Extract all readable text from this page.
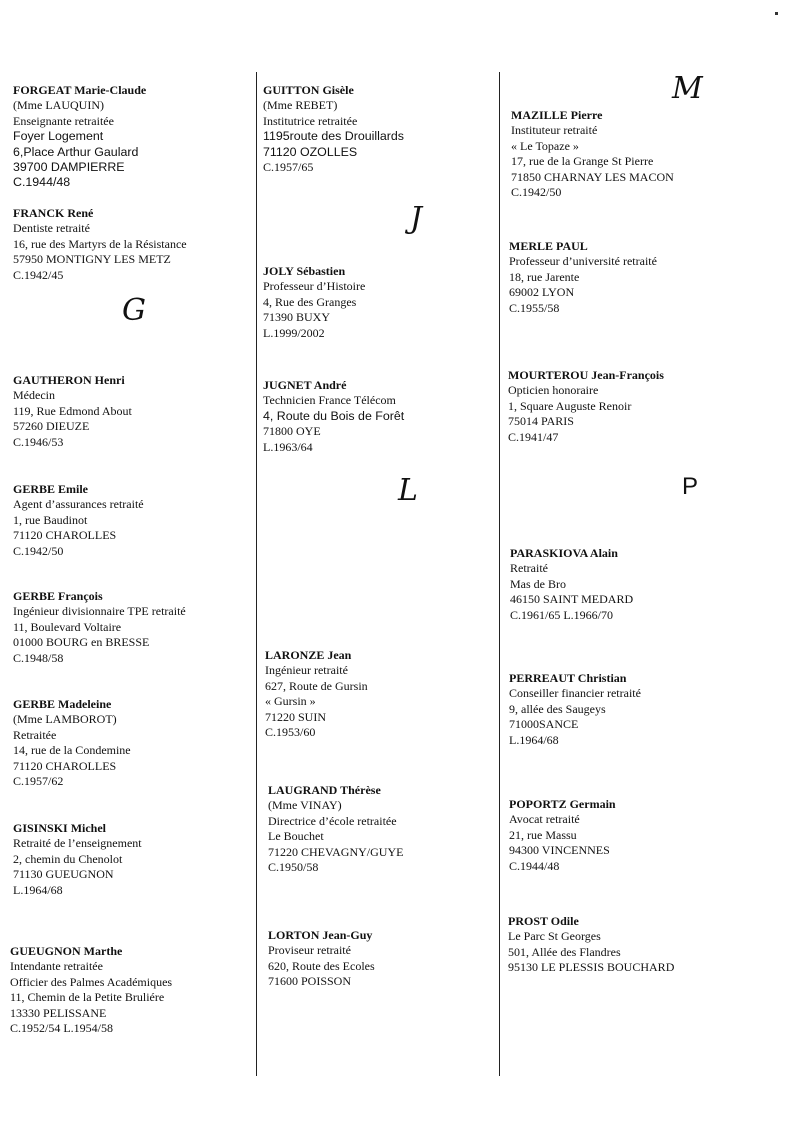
G
J
L
M
P
FORGEAT Marie-Claude
(Mme LAUQUIN)
Enseignante retraitée
Foyer Logement
6,Place Arthur Gaulard
39700 DAMPIERRE
C.1944/48
FRANCK René
Dentiste retraité
16, rue des Martyrs de la Résistance
57950 MONTIGNY LES METZ
C.1942/45
GAUTHERON Henri
Médecin
119, Rue Edmond About
57260 DIEUZE
C.1946/53
GERBE Emile
Agent d’assurances retraité
1, rue Baudinot
71120 CHAROLLES
C.1942/50
GERBE François
Ingénieur divisionnaire TPE retraité
11, Boulevard Voltaire
01000 BOURG en BRESSE
C.1948/58
GERBE Madeleine
(Mme LAMBOROT)
Retraitée
14, rue de la Condemine
71120 CHAROLLES
C.1957/62
GISINSKI Michel
Retraité de l’enseignement
2, chemin du Chenolot
71130 GUEUGNON
L.1964/68
GUEUGNON Marthe
Intendante retraitée
Officier des Palmes Académiques
11, Chemin de la Petite Bruliére
13330 PELISSANE
C.1952/54 L.1954/58
GUITTON Gisèle
(Mme REBET)
Institutrice retraitée
1195route des Drouillards
71120 OZOLLES
C.1957/65
JOLY Sébastien
Professeur d’Histoire
4, Rue des Granges
71390 BUXY
L.1999/2002
JUGNET André
Technicien France Télécom
4, Route du Bois de Forêt
71800 OYE
L.1963/64
LARONZE Jean
Ingénieur retraité
627, Route de Gursin
« Gursin »
71220 SUIN
C.1953/60
LAUGRAND Thérèse
(Mme VINAY)
Directrice d’école retraitée
Le Bouchet
71220 CHEVAGNY/GUYE
C.1950/58
LORTON Jean-Guy
Proviseur retraité
620, Route des Ecoles
71600 POISSON
MAZILLE Pierre
Instituteur retraité
« Le Topaze »
17, rue de la Grange St Pierre
71850 CHARNAY LES MACON
C.1942/50
MERLE PAUL
Professeur d’université retraité
18, rue Jarente
69002 LYON
C.1955/58
MOURTEROU Jean-François
Opticien honoraire
1, Square Auguste Renoir
75014 PARIS
C.1941/47
PARASKIOVA Alain
Retraité
Mas de Bro
46150 SAINT MEDARD
C.1961/65 L.1966/70
PERREAUT Christian
Conseiller financier retraité
9, allée des Saugeys
71000SANCE
L.1964/68
POPORTZ Germain
Avocat retraité
21, rue Massu
94300 VINCENNES
C.1944/48
PROST Odile
Le Parc St Georges
501, Allée des Flandres
95130 LE PLESSIS BOUCHARD
